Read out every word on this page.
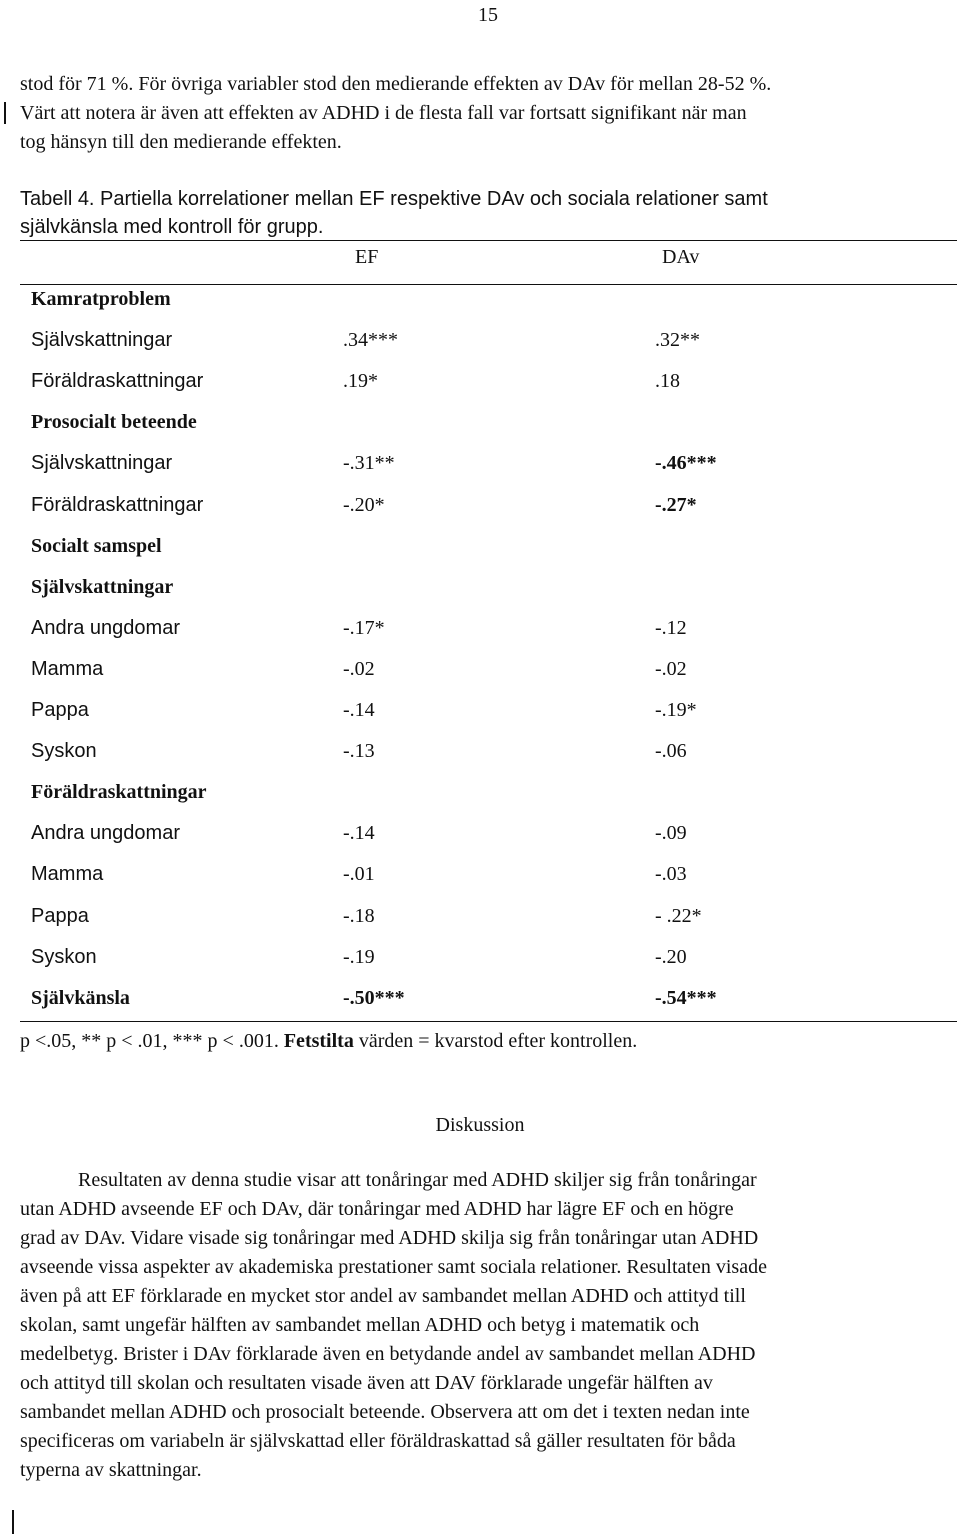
15
stod för 71 %. För övriga variabler stod den medierande effekten av DAv för mellan 28-52 %.
Värt att notera är även att effekten av ADHD i de flesta fall var fortsatt signifikant när man
tog hänsyn till den medierande effekten.
Tabell 4. Partiella korrelationer mellan EF respektive DAv och sociala relationer samt
självkänsla med kontroll för grupp.
EF	DAv
Kamratproblem
Självskattningar	.34***	.32**
Föräldraskattningar	.19*	.18
Prosocialt beteende
Självskattningar	-.31**	-.46***
Föräldraskattningar	-.20*	-.27*
Socialt samspel
Självskattningar
Andra ungdomar	-.17*	-.12
Mamma	-.02	-.02
Pappa	-.14	-.19*
Syskon	-.13	-.06
Föräldraskattningar
Andra ungdomar	-.14	-.09
Mamma	-.01	-.03
Pappa	-.18	- .22*
Syskon	-.19	-.20
Självkänsla	-.50***	-.54***
p <.05, ** p < .01, *** p < .001. Fetstilta värden = kvarstod efter kontrollen.
Diskussion
Resultaten av denna studie visar att tonåringar med ADHD skiljer sig från tonåringar
utan ADHD avseende EF och DAv, där tonåringar med ADHD har lägre EF och en högre
grad av DAv. Vidare visade sig tonåringar med ADHD skilja sig från tonåringar utan ADHD
avseende vissa aspekter av akademiska prestationer samt sociala relationer. Resultaten visade
även på att EF förklarade en mycket stor andel av sambandet mellan ADHD och attityd till
skolan, samt ungefär hälften av sambandet mellan ADHD och betyg i matematik och
medelbetyg. Brister i DAv förklarade även en betydande andel av sambandet mellan ADHD
och attityd till skolan och resultaten visade även att DAV förklarade ungefär hälften av
sambandet mellan ADHD och prosocialt beteende. Observera att om det i texten nedan inte
specificeras om variabeln är självskattad eller föräldraskattad så gäller resultaten för båda
typerna av skattningar.
